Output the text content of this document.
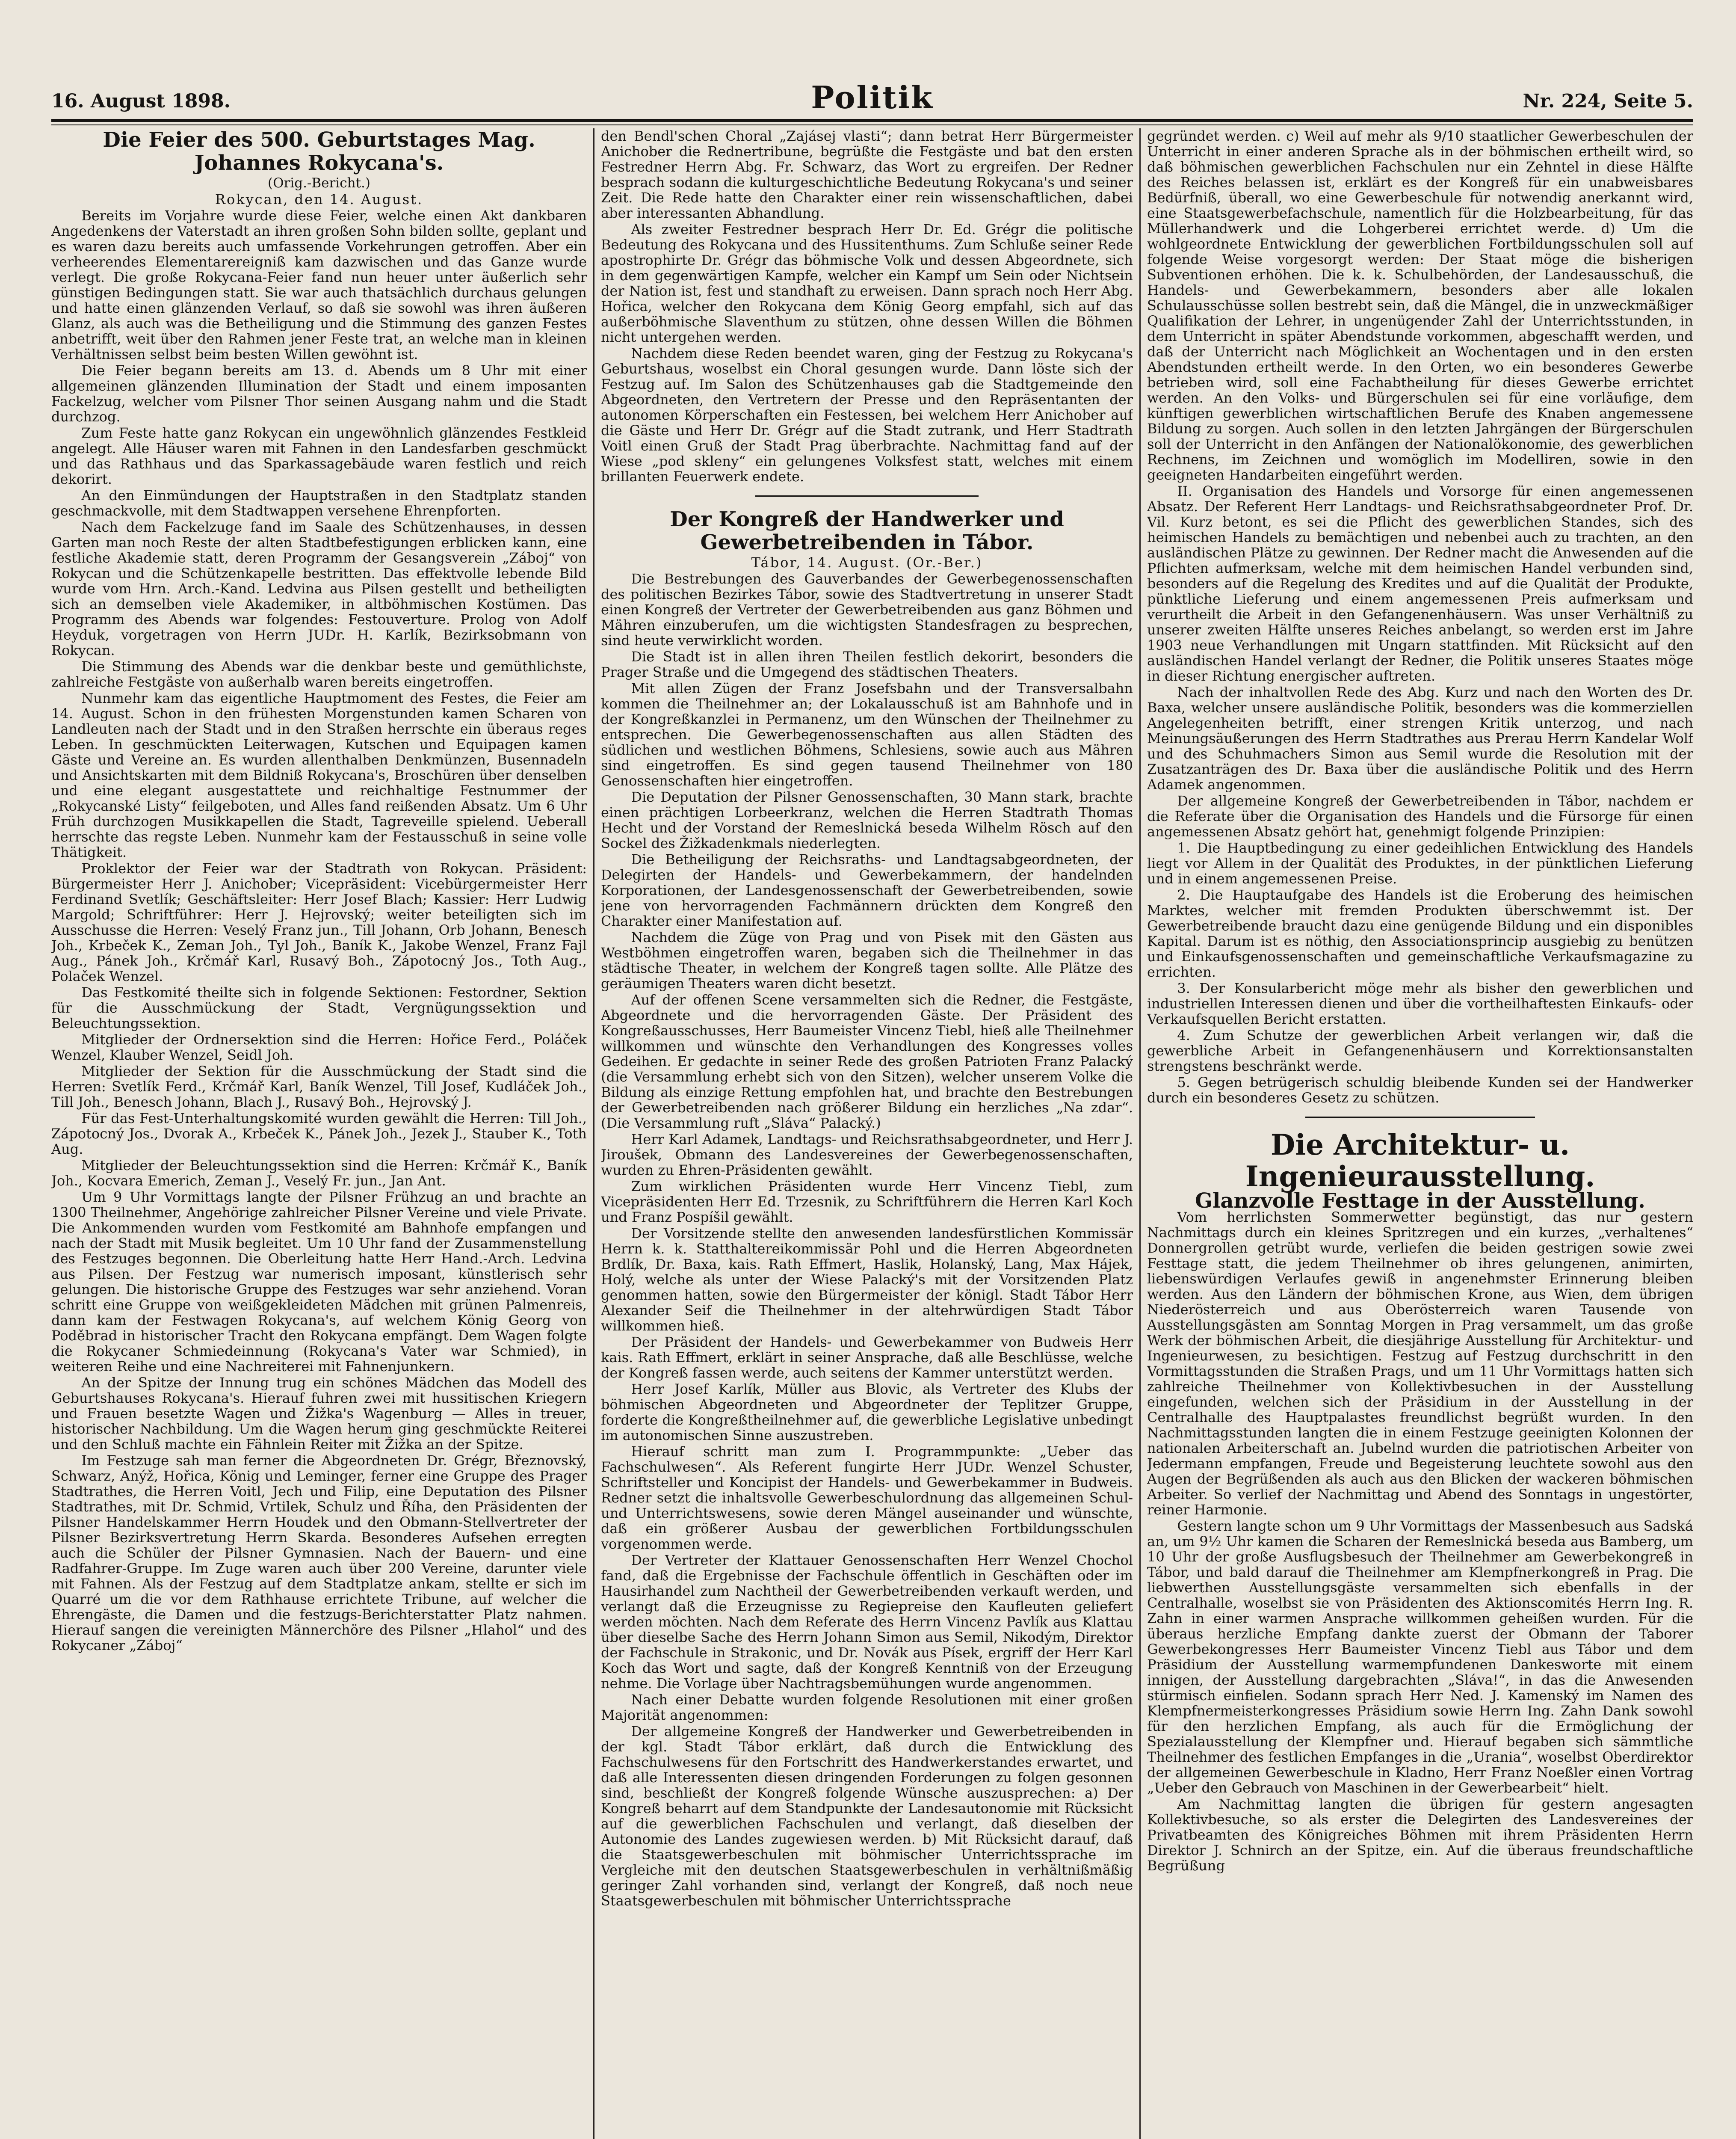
16. August 1898.	Politik	Nr. 224, Seite 5.

Die Feier des 500. Geburtstages Mag. Johannes Rokycana's.

(Orig.-Bericht.)

Rokycan, den 14. August.

Bereits im Vorjahre wurde diese Feier, welche einen Akt dankbaren Angedenkens der Vaterstadt an ihren großen Sohn bilden sollte, geplant und es waren dazu bereits auch umfassende Vorkehrungen getroffen. Aber ein verheerendes Elementarereigniß kam dazwischen und das Ganze wurde verlegt. Die große Rokycana-Feier fand nun heuer unter äußerlich sehr günstigen Bedingungen statt. Sie war auch thatsächlich durchaus gelungen und hatte einen glänzenden Verlauf, so daß sie sowohl was ihren äußeren Glanz, als auch was die Betheiligung und die Stimmung des ganzen Festes anbetrifft, weit über den Rahmen jener Feste trat, an welche man in kleinen Verhältnissen selbst beim besten Willen gewöhnt ist.

Die Feier begann bereits am 13. d. Abends um 8 Uhr mit einer allgemeinen glänzenden Illumination der Stadt und einem imposanten Fackelzug, welcher vom Pilsner Thor seinen Ausgang nahm und die Stadt durchzog.

Zum Feste hatte ganz Rokycan ein ungewöhnlich glänzendes Festkleid angelegt. Alle Häuser waren mit Fahnen in den Landesfarben geschmückt und das Rathhaus und das Sparkassagebäude waren festlich und reich dekorirt.

An den Einmündungen der Hauptstraßen in den Stadtplatz standen geschmackvolle, mit dem Stadtwappen versehene Ehrenpforten.

Nach dem Fackelzuge fand im Saale des Schützenhauses, in dessen Garten man noch Reste der alten Stadtbefestigungen erblicken kann, eine festliche Akademie statt, deren Programm der Gesangsverein „Záboj“ von Rokycan und die Schützenkapelle bestritten. Das effektvolle lebende Bild wurde vom Hrn. Arch.-Kand. Ledvina aus Pilsen gestellt und betheiligten sich an demselben viele Akademiker, in altböhmischen Kostümen. Das Programm des Abends war folgendes: Festouverture. Prolog von Adolf Heyduk, vorgetragen von Herrn JUDr. H. Karlík, Bezirksobmann von Rokycan.

Die Stimmung des Abends war die denkbar beste und gemüthlichste, zahlreiche Festgäste von außerhalb waren bereits eingetroffen.

Nunmehr kam das eigentliche Hauptmoment des Festes, die Feier am 14. August. Schon in den frühesten Morgenstunden kamen Scharen von Landleuten nach der Stadt und in den Straßen herrschte ein überaus reges Leben. In geschmückten Leiterwagen, Kutschen und Equipagen kamen Gäste und Vereine an. Es wurden allenthalben Denkmünzen, Busennadeln und Ansichtskarten mit dem Bildniß Rokycana's, Broschüren über denselben und eine elegant ausgestattete und reichhaltige Festnummer der „Rokycanské Listy“ feilgeboten, und Alles fand reißenden Absatz. Um 6 Uhr Früh durchzogen Musikkapellen die Stadt, Tagreveille spielend. Ueberall herrschte das regste Leben. Nunmehr kam der Festausschuß in seine volle Thätigkeit.

Proklektor der Feier war der Stadtrath von Rokycan. Präsident: Bürgermeister Herr J. Anichober; Vicepräsident: Vicebürgermeister Herr Ferdinand Svetlík; Geschäftsleiter: Herr Josef Blach; Kassier: Herr Ludwig Margold; Schriftführer: Herr J. Hejrovský; weiter beteiligten sich im Ausschusse die Herren: Veselý Franz jun., Till Johann, Orb Johann, Benesch Joh., Krbeček K., Zeman Joh., Tyl Joh., Baník K., Jakobe Wenzel, Franz Fajl Aug., Pánek Joh., Krčmář Karl, Rusavý Boh., Zápotocný Jos., Toth Aug., Polaček Wenzel.

Das Festkomité theilte sich in folgende Sektionen: Festordner, Sektion für die Ausschmückung der Stadt, Vergnügungssektion und Beleuchtungssektion.

Mitglieder der Ordnersektion sind die Herren: Hořice Ferd., Poláček Wenzel, Klauber Wenzel, Seidl Joh.

Mitglieder der Sektion für die Ausschmückung der Stadt sind die Herren: Svetlík Ferd., Krčmář Karl, Baník Wenzel, Till Josef, Kudláček Joh., Till Joh., Benesch Johann, Blach J., Rusavý Boh., Hejrovský J.

Für das Fest-Unterhaltungskomité wurden gewählt die Herren: Till Joh., Zápotocný Jos., Dvorak A., Krbeček K., Pánek Joh., Jezek J., Stauber K., Toth Aug.

Mitglieder der Beleuchtungssektion sind die Herren: Krčmář K., Baník Joh., Kocvara Emerich, Zeman J., Veselý Fr. jun., Jan Ant.

Um 9 Uhr Vormittags langte der Pilsner Frühzug an und brachte an 1300 Theilnehmer, Angehörige zahlreicher Pilsner Vereine und viele Private. Die Ankommenden wurden vom Festkomité am Bahnhofe empfangen und nach der Stadt mit Musik begleitet. Um 10 Uhr fand der Zusammenstellung des Festzuges begonnen. Die Oberleitung hatte Herr Hand.-Arch. Ledvina aus Pilsen. Der Festzug war numerisch imposant, künstlerisch sehr gelungen. Die historische Gruppe des Festzuges war sehr anziehend. Voran schritt eine Gruppe von weißgekleideten Mädchen mit grünen Palmenreis, dann kam der Festwagen Rokycana's, auf welchem König Georg von Poděbrad in historischer Tracht den Rokycana empfängt. Dem Wagen folgte die Rokycaner Schmiedeinnung (Rokycana's Vater war Schmied), in weiteren Reihe und eine Nachreiterei mit Fahnenjunkern.

An der Spitze der Innung trug ein schönes Mädchen das Modell des Geburtshauses Rokycana's. Hierauf fuhren zwei mit hussitischen Kriegern und Frauen besetzte Wagen und Žižka's Wagenburg — Alles in treuer, historischer Nachbildung. Um die Wagen herum ging geschmückte Reiterei und den Schluß machte ein Fähnlein Reiter mit Žižka an der Spitze.

Im Festzuge sah man ferner die Abgeordneten Dr. Grégr, Březnovský, Schwarz, Anýž, Hořica, König und Leminger, ferner eine Gruppe des Prager Stadtrathes, die Herren Voitl, Jech und Filip, eine Deputation des Pilsner Stadtrathes, mit Dr. Schmid, Vrtilek, Schulz und Říha, den Präsidenten der Pilsner Handelskammer Herrn Houdek und den Obmann-Stellvertreter der Pilsner Bezirksvertretung Herrn Skarda. Besonderes Aufsehen erregten auch die Schüler der Pilsner Gymnasien. Nach der Bauern- und eine Radfahrer-Gruppe. Im Zuge waren auch über 200 Vereine, darunter viele mit Fahnen. Als der Festzug auf dem Stadtplatze ankam, stellte er sich im Quarré um die vor dem Rathhause errichtete Tribune, auf welcher die Ehrengäste, die Damen und die festzugs-Berichterstatter Platz nahmen. Hierauf sangen die vereinigten Männerchöre des Pilsner „Hlahol“ und des Rokycaner „Záboj“

den Bendl'schen Choral „Zajásej vlasti“; dann betrat Herr Bürgermeister Anichober die Rednertribune, begrüßte die Festgäste und bat den ersten Festredner Herrn Abg. Fr. Schwarz, das Wort zu ergreifen. Der Redner besprach sodann die kulturgeschichtliche Bedeutung Rokycana's und seiner Zeit. Die Rede hatte den Charakter einer rein wissenschaftlichen, dabei aber interessanten Abhandlung.

Als zweiter Festredner besprach Herr Dr. Ed. Grégr die politische Bedeutung des Rokycana und des Hussitenthums. Zum Schluße seiner Rede apostrophirte Dr. Grégr das böhmische Volk und dessen Abgeordnete, sich in dem gegenwärtigen Kampfe, welcher ein Kampf um Sein oder Nichtsein der Nation ist, fest und standhaft zu erweisen. Dann sprach noch Herr Abg. Hořica, welcher den Rokycana dem König Georg empfahl, sich auf das außerböhmische Slaventhum zu stützen, ohne dessen Willen die Böhmen nicht untergehen werden.

Nachdem diese Reden beendet waren, ging der Festzug zu Rokycana's Geburtshaus, woselbst ein Choral gesungen wurde. Dann löste sich der Festzug auf. Im Salon des Schützenhauses gab die Stadtgemeinde den Abgeordneten, den Vertretern der Presse und den Repräsentanten der autonomen Körperschaften ein Festessen, bei welchem Herr Anichober auf die Gäste und Herr Dr. Grégr auf die Stadt zutrank, und Herr Stadtrath Voitl einen Gruß der Stadt Prag überbrachte. Nachmittag fand auf der Wiese „pod skleny“ ein gelungenes Volksfest statt, welches mit einem brillanten Feuerwerk endete.

Der Kongreß der Handwerker und Gewerbetreibenden in Tábor.

Tábor, 14. August. (Or.-Ber.)

Die Bestrebungen des Gauverbandes der Gewerbegenossenschaften des politischen Bezirkes Tábor, sowie des Stadtvertretung in unserer Stadt einen Kongreß der Vertreter der Gewerbetreibenden aus ganz Böhmen und Mähren einzuberufen, um die wichtigsten Standesfragen zu besprechen, sind heute verwirklicht worden.

Die Stadt ist in allen ihren Theilen festlich dekorirt, besonders die Prager Straße und die Umgegend des städtischen Theaters.

Mit allen Zügen der Franz Josefsbahn und der Transversalbahn kommen die Theilnehmer an; der Lokalausschuß ist am Bahnhofe und in der Kongreßkanzlei in Permanenz, um den Wünschen der Theilnehmer zu entsprechen. Die Gewerbegenossenschaften aus allen Städten des südlichen und westlichen Böhmens, Schlesiens, sowie auch aus Mähren sind eingetroffen. Es sind gegen tausend Theilnehmer von 180 Genossenschaften hier eingetroffen.

Die Deputation der Pilsner Genossenschaften, 30 Mann stark, brachte einen prächtigen Lorbeerkranz, welchen die Herren Stadtrath Thomas Hecht und der Vorstand der Remeslnická beseda Wilhelm Rösch auf den Sockel des Žižkadenkmals niederlegten.

Die Betheiligung der Reichsraths- und Landtagsabgeordneten, der Delegirten der Handels- und Gewerbekammern, der handelnden Korporationen, der Landesgenossenschaft der Gewerbetreibenden, sowie jene von hervorragenden Fachmännern drückten dem Kongreß den Charakter einer Manifestation auf.

Nachdem die Züge von Prag und von Pisek mit den Gästen aus Westböhmen eingetroffen waren, begaben sich die Theilnehmer in das städtische Theater, in welchem der Kongreß tagen sollte. Alle Plätze des geräumigen Theaters waren dicht besetzt.

Auf der offenen Scene versammelten sich die Redner, die Festgäste, Abgeordnete und die hervorragenden Gäste. Der Präsident des Kongreßausschusses, Herr Baumeister Vincenz Tiebl, hieß alle Theilnehmer willkommen und wünschte den Verhandlungen des Kongresses volles Gedeihen. Er gedachte in seiner Rede des großen Patrioten Franz Palacký (die Versammlung erhebt sich von den Sitzen), welcher unserem Volke die Bildung als einzige Rettung empfohlen hat, und brachte den Bestrebungen der Gewerbetreibenden nach größerer Bildung ein herzliches „Na zdar“. (Die Versammlung ruft „Sláva“ Palacký.)

Herr Karl Adamek, Landtags- und Reichsrathsabgeordneter, und Herr J. Jiroušek, Obmann des Landesvereines der Gewerbegenossenschaften, wurden zu Ehren-Präsidenten gewählt.

Zum wirklichen Präsidenten wurde Herr Vincenz Tiebl, zum Vicepräsidenten Herr Ed. Trzesnik, zu Schriftführern die Herren Karl Koch und Franz Pospíšil gewählt.

Der Vorsitzende stellte den anwesenden landesfürstlichen Kommissär Herrn k. k. Statthaltereikommissär Pohl und die Herren Abgeordneten Brdlík, Dr. Baxa, kais. Rath Effmert, Haslik, Holanský, Lang, Max Hájek, Holý, welche als unter der Wiese Palacký's mit der Vorsitzenden Platz genommen hatten, sowie den Bürgermeister der königl. Stadt Tábor Herr Alexander Seif die Theilnehmer in der altehrwürdigen Stadt Tábor willkommen hieß.

Der Präsident der Handels- und Gewerbekammer von Budweis Herr kais. Rath Effmert, erklärt in seiner Ansprache, daß alle Beschlüsse, welche der Kongreß fassen werde, auch seitens der Kammer unterstützt werden.

Herr Josef Karlík, Müller aus Blovic, als Vertreter des Klubs der böhmischen Abgeordneten und Abgeordneter der Teplitzer Gruppe, forderte die Kongreßtheilnehmer auf, die gewerbliche Legislative unbedingt im autonomischen Sinne auszustreben.

Hierauf schritt man zum I. Programmpunkte: „Ueber das Fachschulwesen“. Als Referent fungirte Herr JUDr. Wenzel Schuster, Schriftsteller und Koncipist der Handels- und Gewerbekammer in Budweis. Redner setzt die inhaltsvolle Gewerbeschulordnung das allgemeinen Schul- und Unterrichtswesens, sowie deren Mängel auseinander und wünschte, daß ein größerer Ausbau der gewerblichen Fortbildungsschulen vorgenommen werde.

Der Vertreter der Klattauer Genossenschaften Herr Wenzel Chochol fand, daß die Ergebnisse der Fachschule öffentlich in Geschäften oder im Hausirhandel zum Nachtheil der Gewerbetreibenden verkauft werden, und verlangt daß die Erzeugnisse zu Regiepreise den Kaufleuten geliefert werden möchten. Nach dem Referate des Herrn Vincenz Pavlík aus Klattau über dieselbe Sache des Herrn Johann Simon aus Semil, Nikodým, Direktor der Fachschule in Strakonic, und Dr. Novák aus Písek, ergriff der Herr Karl Koch das Wort und sagte, daß der Kongreß Kenntniß von der Erzeugung nehme. Die Vorlage über Nachtragsbemühungen wurde angenommen.

Nach einer Debatte wurden folgende Resolutionen mit einer großen Majorität angenommen:

Der allgemeine Kongreß der Handwerker und Gewerbetreibenden in der kgl. Stadt Tábor erklärt, daß durch die Entwicklung des Fachschulwesens für den Fortschritt des Handwerkerstandes erwartet, und daß alle Interessenten diesen dringenden Forderungen zu folgen gesonnen sind, beschließt der Kongreß folgende Wünsche auszusprechen: a) Der Kongreß beharrt auf dem Standpunkte der Landesautonomie mit Rücksicht auf die gewerblichen Fachschulen und verlangt, daß dieselben der Autonomie des Landes zugewiesen werden. b) Mit Rücksicht darauf, daß die Staatsgewerbeschulen mit böhmischer Unterrichtssprache im Vergleiche mit den deutschen Staatsgewerbeschulen in verhältnißmäßig geringer Zahl vorhanden sind, verlangt der Kongreß, daß noch neue Staatsgewerbeschulen mit böhmischer Unterrichtssprache

gegründet werden. c) Weil auf mehr als 9/10 staatlicher Gewerbeschulen der Unterricht in einer anderen Sprache als in der böhmischen ertheilt wird, so daß böhmischen gewerblichen Fachschulen nur ein Zehntel in diese Hälfte des Reiches belassen ist, erklärt es der Kongreß für ein unabweisbares Bedürfniß, überall, wo eine Gewerbeschule für notwendig anerkannt wird, eine Staatsgewerbefachschule, namentlich für die Holzbearbeitung, für das Müllerhandwerk und die Lohgerberei errichtet werde. d) Um die wohlgeordnete Entwicklung der gewerblichen Fortbildungsschulen soll auf folgende Weise vorgesorgt werden: Der Staat möge die bisherigen Subventionen erhöhen. Die k. k. Schulbehörden, der Landesausschuß, die Handels- und Gewerbekammern, besonders aber alle lokalen Schulausschüsse sollen bestrebt sein, daß die Mängel, die in unzweckmäßiger Qualifikation der Lehrer, in ungenügender Zahl der Unterrichtsstunden, in dem Unterricht in später Abendstunde vorkommen, abgeschafft werden, und daß der Unterricht nach Möglichkeit an Wochentagen und in den ersten Abendstunden ertheilt werde. In den Orten, wo ein besonderes Gewerbe betrieben wird, soll eine Fachabtheilung für dieses Gewerbe errichtet werden. An den Volks- und Bürgerschulen sei für eine vorläufige, dem künftigen gewerblichen wirtschaftlichen Berufe des Knaben angemessene Bildung zu sorgen. Auch sollen in den letzten Jahrgängen der Bürgerschulen soll der Unterricht in den Anfängen der Nationalökonomie, des gewerblichen Rechnens, im Zeichnen und womöglich im Modelliren, sowie in den geeigneten Handarbeiten eingeführt werden.

II. Organisation des Handels und Vorsorge für einen angemessenen Absatz. Der Referent Herr Landtags- und Reichsrathsabgeordneter Prof. Dr. Vil. Kurz betont, es sei die Pflicht des gewerblichen Standes, sich des heimischen Handels zu bemächtigen und nebenbei auch zu trachten, an den ausländischen Plätze zu gewinnen. Der Redner macht die Anwesenden auf die Pflichten aufmerksam, welche mit dem heimischen Handel verbunden sind, besonders auf die Regelung des Kredites und auf die Qualität der Produkte, pünktliche Lieferung und einem angemessenen Preis aufmerksam und verurtheilt die Arbeit in den Gefangenenhäusern. Was unser Verhältniß zu unserer zweiten Hälfte unseres Reiches anbelangt, so werden erst im Jahre 1903 neue Verhandlungen mit Ungarn stattfinden. Mit Rücksicht auf den ausländischen Handel verlangt der Redner, die Politik unseres Staates möge in dieser Richtung energischer auftreten.

Nach der inhaltvollen Rede des Abg. Kurz und nach den Worten des Dr. Baxa, welcher unsere ausländische Politik, besonders was die kommerziellen Angelegenheiten betrifft, einer strengen Kritik unterzog, und nach Meinungsäußerungen des Herrn Stadtrathes aus Prerau Herrn Kandelar Wolf und des Schuhmachers Simon aus Semil wurde die Resolution mit der Zusatzanträgen des Dr. Baxa über die ausländische Politik und des Herrn Adamek angenommen.

Der allgemeine Kongreß der Gewerbetreibenden in Tábor, nachdem er die Referate über die Organisation des Handels und die Fürsorge für einen angemessenen Absatz gehört hat, genehmigt folgende Prinzipien:

1. Die Hauptbedingung zu einer gedeihlichen Entwicklung des Handels liegt vor Allem in der Qualität des Produktes, in der pünktlichen Lieferung und in einem angemessenen Preise.

2. Die Hauptaufgabe des Handels ist die Eroberung des heimischen Marktes, welcher mit fremden Produkten überschwemmt ist. Der Gewerbetreibende braucht dazu eine genügende Bildung und ein disponibles Kapital. Darum ist es nöthig, den Associationsprincip ausgiebig zu benützen und Einkaufsgenossenschaften und gemeinschaftliche Verkaufsmagazine zu errichten.

3. Der Konsularbericht möge mehr als bisher den gewerblichen und industriellen Interessen dienen und über die vortheilhaftesten Einkaufs- oder Verkaufsquellen Bericht erstatten.

4. Zum Schutze der gewerblichen Arbeit verlangen wir, daß die gewerbliche Arbeit in Gefangenenhäusern und Korrektionsanstalten strengstens beschränkt werde.

5. Gegen betrügerisch schuldig bleibende Kunden sei der Handwerker durch ein besonderes Gesetz zu schützen.

Die Architektur- u. Ingenieurausstellung.

Glanzvolle Festtage in der Ausstellung.

Vom herrlichsten Sommerwetter begünstigt, das nur gestern Nachmittags durch ein kleines Spritzregen und ein kurzes, „verhaltenes“ Donnergrollen getrübt wurde, verliefen die beiden gestrigen sowie zwei Festtage statt, die jedem Theilnehmer ob ihres gelungenen, animirten, liebenswürdigen Verlaufes gewiß in angenehmster Erinnerung bleiben werden. Aus den Ländern der böhmischen Krone, aus Wien, dem übrigen Niederösterreich und aus Oberösterreich waren Tausende von Ausstellungsgästen am Sonntag Morgen in Prag versammelt, um das große Werk der böhmischen Arbeit, die diesjährige Ausstellung für Architektur- und Ingenieurwesen, zu besichtigen. Festzug auf Festzug durchschritt in den Vormittagsstunden die Straßen Prags, und um 11 Uhr Vormittags hatten sich zahlreiche Theilnehmer von Kollektivbesuchen in der Ausstellung eingefunden, welchen sich der Präsidium in der Ausstellung in der Centralhalle des Hauptpalastes freundlichst begrüßt wurden. In den Nachmittagsstunden langten die in einem Festzuge geeinigten Kolonnen der nationalen Arbeiterschaft an. Jubelnd wurden die patriotischen Arbeiter von Jedermann empfangen, Freude und Begeisterung leuchtete sowohl aus den Augen der Begrüßenden als auch aus den Blicken der wackeren böhmischen Arbeiter. So verlief der Nachmittag und Abend des Sonntags in ungestörter, reiner Harmonie.

Gestern langte schon um 9 Uhr Vormittags der Massenbesuch aus Sadská an, um 9½ Uhr kamen die Scharen der Remeslnická beseda aus Bamberg, um 10 Uhr der große Ausflugsbesuch der Theilnehmer am Gewerbekongreß in Tábor, und bald darauf die Theilnehmer am Klempfnerkongreß in Prag. Die liebwerthen Ausstellungsgäste versammelten sich ebenfalls in der Centralhalle, woselbst sie von Präsidenten des Aktionscomités Herrn Ing. R. Zahn in einer warmen Ansprache willkommen geheißen wurden. Für die überaus herzliche Empfang dankte zuerst der Obmann der Taborer Gewerbekongresses Herr Baumeister Vincenz Tiebl aus Tábor und dem Präsidium der Ausstellung warmempfundenen Dankesworte mit einem innigen, der Ausstellung dargebrachten „Sláva!“, in das die Anwesenden stürmisch einfielen. Sodann sprach Herr Ned. J. Kamenský im Namen des Klempfnermeisterkongresses Präsidium sowie Herrn Ing. Zahn Dank sowohl für den herzlichen Empfang, als auch für die Ermöglichung der Spezialausstellung der Klempfner und. Hierauf begaben sich sämmtliche Theilnehmer des festlichen Empfanges in die „Urania“, woselbst Oberdirektor der allgemeinen Gewerbeschule in Kladno, Herr Franz Noeßler einen Vortrag „Ueber den Gebrauch von Maschinen in der Gewerbearbeit“ hielt.

Am Nachmittag langten die übrigen für gestern angesagten Kollektivbesuche, so als erster die Delegirten des Landesvereines der Privatbeamten des Königreiches Böhmen mit ihrem Präsidenten Herrn Direktor J. Schnirch an der Spitze, ein. Auf die überaus freundschaftliche Begrüßung
